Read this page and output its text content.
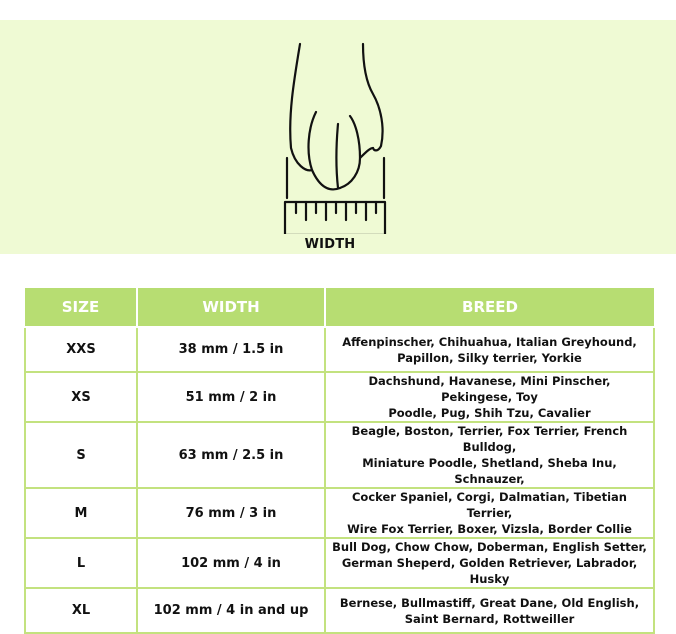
WIDTH
SIZE	WIDTH	BREED
XXS	38 mm / 1.5 in	Affenpinscher, Chihuahua, Italian Greyhound,
Papillon, Silky terrier, Yorkie
XS	51 mm / 2 in	Dachshund, Havanese, Mini Pinscher, Pekingese, Toy
Poodle, Pug, Shih Tzu, Cavalier
S	63 mm / 2.5 in	Beagle, Boston, Terrier, Fox Terrier, French Bulldog,
Miniature Poodle, Shetland, Sheba Inu, Schnauzer,
M	76 mm / 3 in	Cocker Spaniel, Corgi, Dalmatian, Tibetian Terrier,
Wire Fox Terrier, Boxer, Vizsla, Border Collie
L	102 mm / 4 in	Bull Dog, Chow Chow, Doberman, English Setter,
German Sheperd, Golden Retriever, Labrador, Husky
XL	102 mm / 4 in and up	Bernese, Bullmastiff, Great Dane, Old English,
Saint Bernard, Rottweiller
